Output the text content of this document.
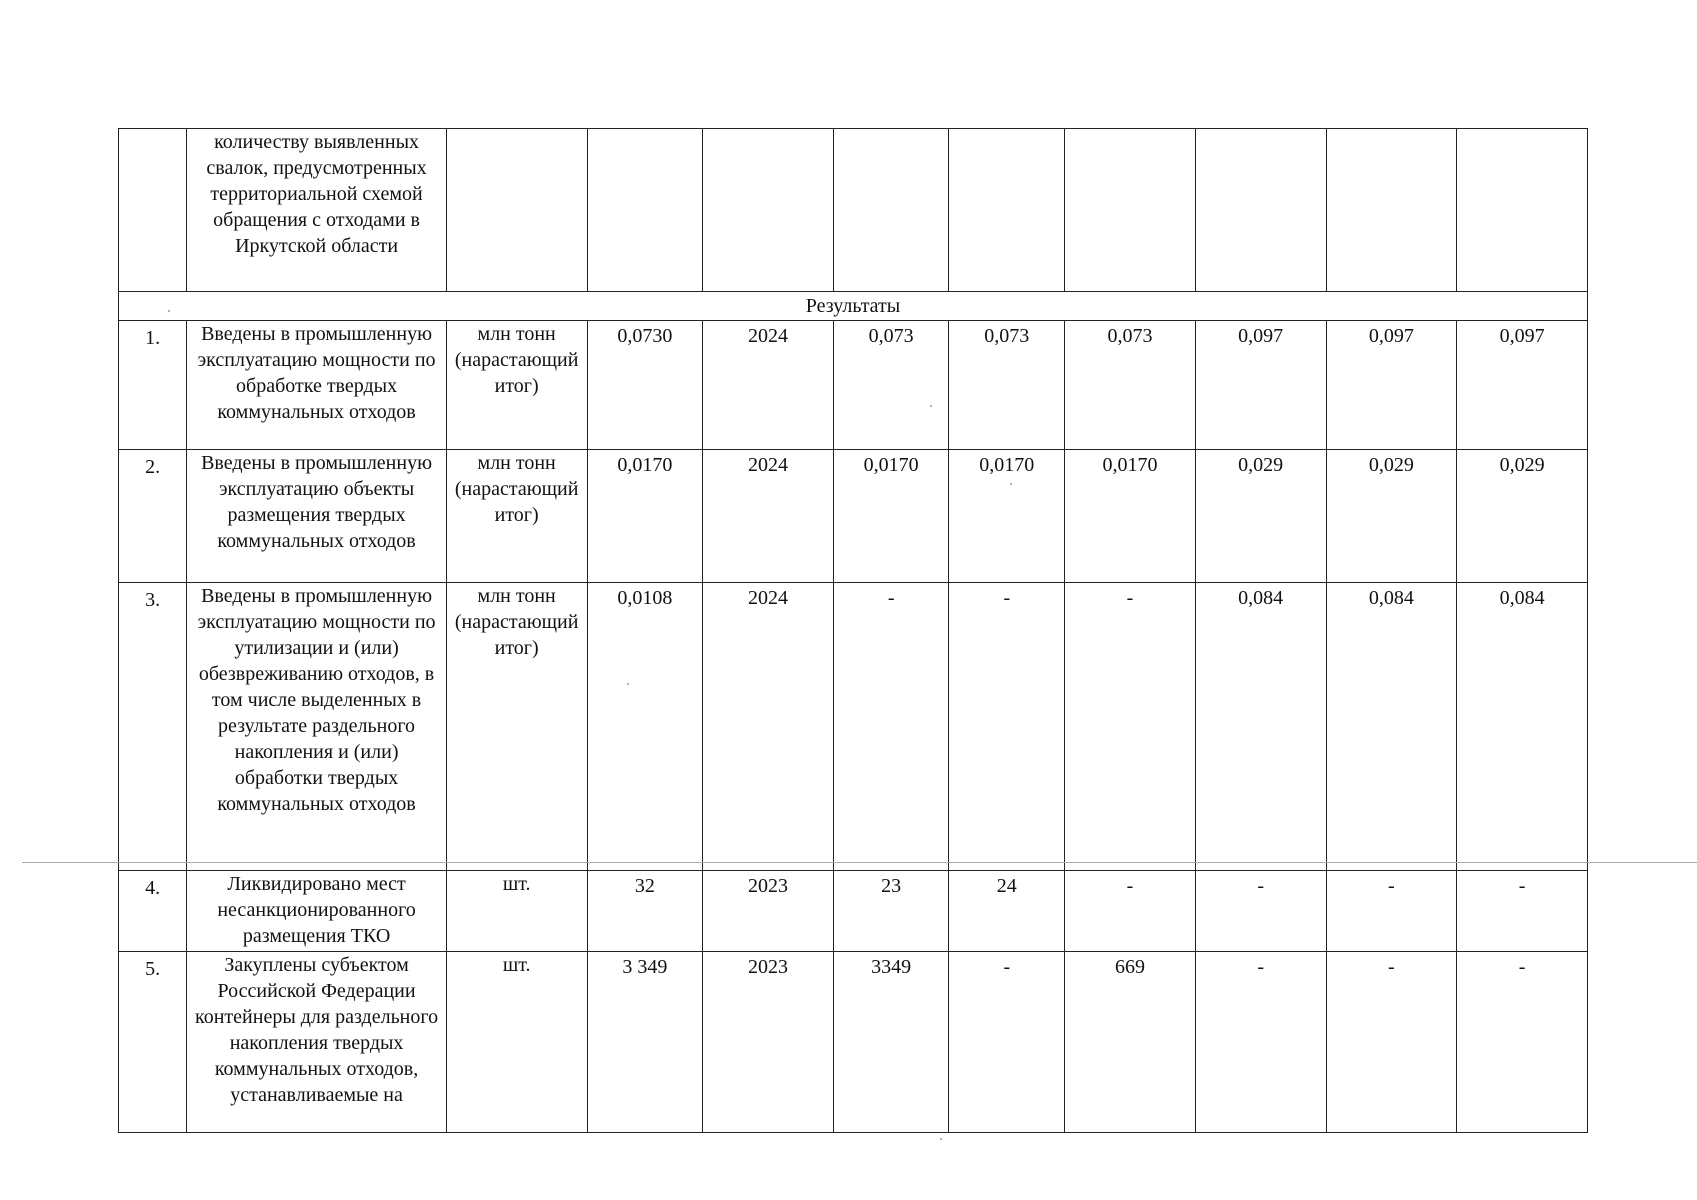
	количеству выявленных свалок, предусмотренных территориальной схемой обращения с отходами в Иркутской области									
Результаты										
1.	Введены в промышленную эксплуатацию мощности по обработке твердых коммунальных отходов	млн тонн (нарастающий итог)	0,0730	2024	0,073	0,073	0,073	0,097	0,097	0,097
2.	Введены в промышленную эксплуатацию объекты размещения твердых коммунальных отходов	млн тонн (нарастающий итог)	0,0170	2024	0,0170	0,0170	0,0170	0,029	0,029	0,029
3.	Введены в промышленную эксплуатацию мощности по утилизации и (или) обезвреживанию отходов, в том числе выделенных в результате раздельного накопления и (или) обработки твердых коммунальных отходов	млн тонн (нарастающий итог)	0,0108	2024	-	-	-	0,084	0,084	0,084
4.	Ликвидировано мест несанкционированного размещения ТКО	шт.	32	2023	23	24	-	-	-	-
5.	Закуплены субъектом Российской Федерации контейнеры для раздельного накопления твердых коммунальных отходов, устанавливаемые на	шт.	3 349	2023	3349	-	669	-	-	-
